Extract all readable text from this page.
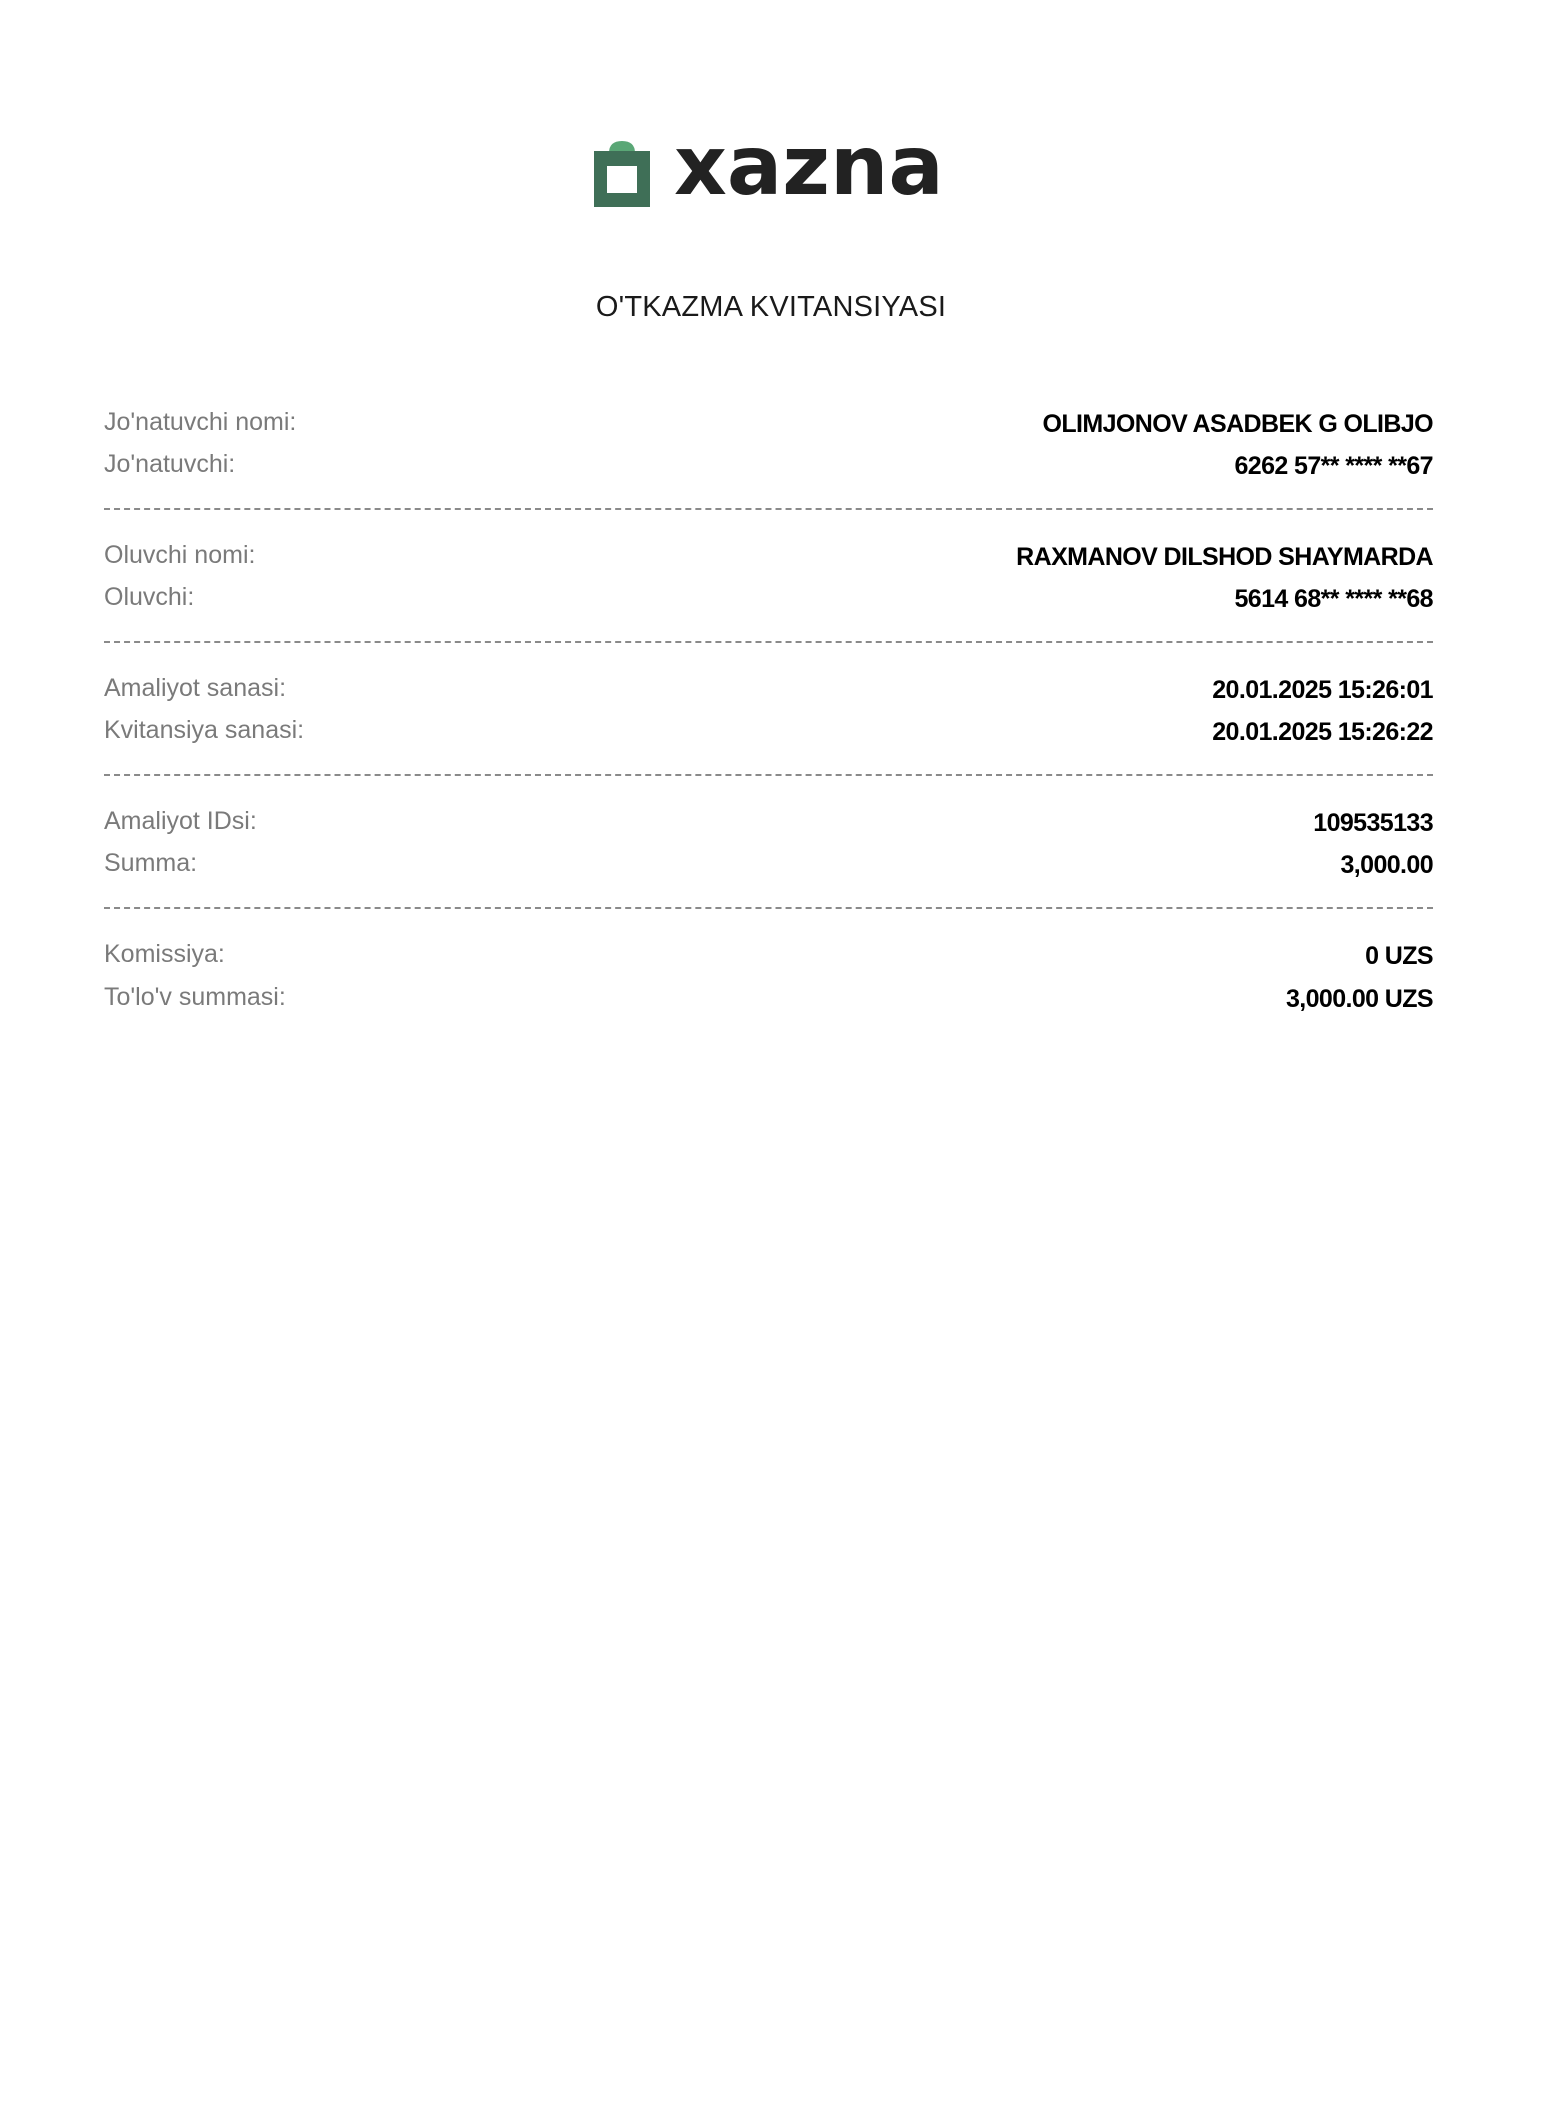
xazna
O'TKAZMA KVITANSIYASI
Jo'natuvchi nomi:	OLIMJONOV ASADBEK G OLIBJO
Jo'natuvchi:	6262 57** **** **67
Oluvchi nomi:	RAXMANOV DILSHOD SHAYMARDA
Oluvchi:	5614 68** **** **68
Amaliyot sanasi:	20.01.2025 15:26:01
Kvitansiya sanasi:	20.01.2025 15:26:22
Amaliyot IDsi:	109535133
Summa:	3,000.00
Komissiya:	0 UZS
To'lo'v summasi:	3,000.00 UZS
